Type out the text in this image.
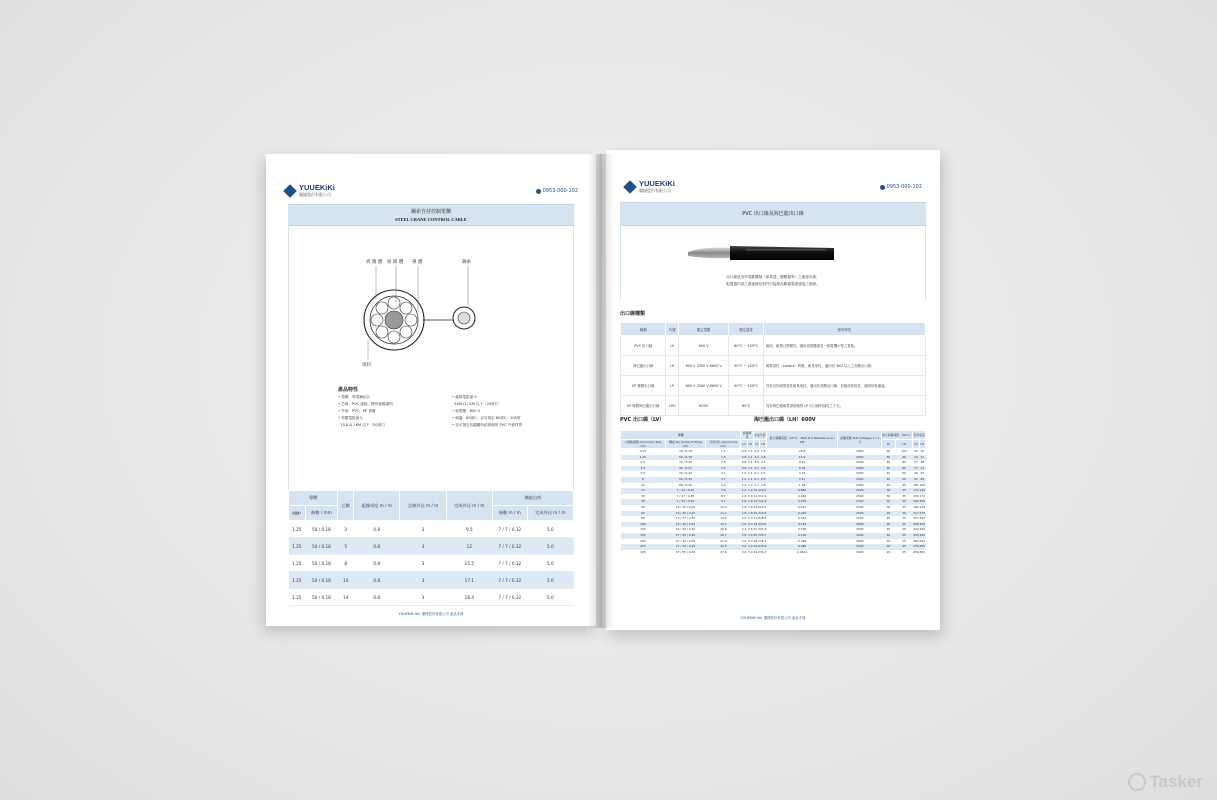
YUUEKiKi
優捷股份有限公司
0953-000-102
鋼索自持控制電纜
STEEL CRANE CONTROL CABLE
被 覆 體 絕 緣 體 導 體	鋼索
填料
產品特性
• 導體：導電銅絞合
• 芯線：PVC 絕緣，標有號碼識別
• 外被：PVC，PE 被覆
• 導體電阻最大：
15.8 Ω / KM 以下（20度C）
• 絕緣電阻最小：
50M Ω / KM 以下（20度C）
• 耐電壓：600 V
• 耐溫：60度C，亦可指定 80度C，105度
• 亦可指定長纜繩有結固耐用 PVC 外被材質
導體		芯數	絕緣厚度 m / m	芯線外徑 m / m	完成外徑 m / m	鋼索自持	
MM²	條數 / mm					條數 m / m	完成外徑 m / m
1.25	50 / 0.18	3	0.8	3	9.5	7 / 7 / 0.32	5.0
1.25	50 / 0.18	5	0.8	3	12	7 / 7 / 0.32	5.0
1.25	50 / 0.18	8	0.8	3	15.5	7 / 7 / 0.32	5.0
1.25	50 / 0.18	10	0.8	3	17.1	7 / 7 / 0.32	5.0
1.25	50 / 0.18	14	0.8	3	18.4	7 / 7 / 0.32	5.0
YUUEKiKi ltd. 優捷股份有限公司 產品手冊
YUUEKiKi
優捷股份有限公司
0953-000-102
PVC 出口線及海巴龍出口線
出口線是用作電動機械（如馬達、變壓器等）之連接引線，
配置器內部之連接線及對外引接線為聯通電流連接之配線。
出口線種類
種類	代號	額定電壓	額定溫度	使用特性
PVC 出口線	LV	600 V	60°C ~ 105°C	耐油，耐熱且堅韌性，適用低電壓面及一般電機小型之電極。
海巴龍出口線	LH	600 V 3300 V 6600 V	90°C ~ 100°C	耐電暈性（corona）特優，耐臭氧性，適用於 3KV 以上之高壓出口線。
EP 橡膠出口線	LP	600 V 3300 V 6600 V	90°C ~ 100°C	具有良好耐電暈性耐臭氧性，適用於高壓出口線，但耐油性較差，適用於乾燥處。
EP 橡膠海巴龍出口線	LPH	600V	85°C	具有海巴龍耐電暈的硬質 LP 出口線的純性之不足。
PVC 出口線（LV）	海巴龍出口線（LH）600V
導體			絕緣厚度		完成外徑		最大導體電阻（20°C） MAX.D.C Resistance Ω / KM	試驗電壓 Test Voltages V / 1 分	最小絕緣電阻（20°C）		容許電流	
公稱截面積 Conductor Size mm	構成 No. & Dia of Wires mm	外徑(約) Approx Dia mm	LV	LH	LV	LH			LV	LH	LV	LH
0.75	30 / 0.18	1.2	0.8	1.1	2.8	3.5	25.8	2000	60	100	15	16
1.25	50 / 0.18	1.5	0.8	1.1	3.1	3.8	15.5	2000	60	90	19	21
2.0	37 / 0.26	1.8	0.8	1.1	3.4	4.1	9.91	2000	60	80	27	28
3.5	45 / 0.32	2.5	0.8	1.1	4.1	4.8	5.38	2000	40	65	37	41
5.5	70 / 0.32	3.1	1.0	1.1	5.1	5.4	3.33	2000	40	55	49	55
8	50 / 0.45	3.7	1.2	1.1	6.1	6.0	2.41	2000	40	50	61	69
14	88 / 0.45	4.9	1.4	1.4	7.7	7.8	1.38	2000	40	45	88	100
22	7 / 20 / 0.45	7.9	1.4	1.4	10.1	10.0	0.882	2000	30	35	115	140
30	7 / 27 / 0.45	8.1	1.6	1.8	11.3	11.9	0.661	2500	30	35	139	170
38	7 / 34 / 0.45	9.1	1.6	1.8	12.7	12.9	0.526	2500	30	35	162	200
50	19 / 16 / 0.45	10.4	1.8	1.8	14.0	14.2	0.411	2500	30	35	190	235
60	19 / 20 / 0.45	11.7	1.8	1.8	15.3	15.5	0.329	2500	20	30	217	270
80	19 / 27 / 0.45	13.4	2.0	2.3	17.9	18.5	0.243	3000	20	30	257	335
100	19 / 34 / 0.45	15.1	2.0	2.3	19.2	20.0	0.193	3000	20	25	298	390
125	19 / 42 / 0.45	16.8	2.2	2.5	21.2	21.8	0.156	3000	20	25	344	445
150	27 / 34 / 0.45	18.7	3.0	3.0	25.7	25.7	0.136	3000	20	25	395	490
200	37 / 34 / 0.45	21.4	3.0	3.0	28.1	28.3	0.099	3000	20	25	469	595
250	27 / 34 / 0.45	19.5	3.0	3.0	29.6	30.8	0.080	3000	20	25	536	680
325	37 / 55 / 0.45	27.6	3.0	3.0	34.2	34.2	0.0614	3000	20	25	659	800
YUUEKiKi ltd. 優捷股份有限公司 產品手冊
Tasker
